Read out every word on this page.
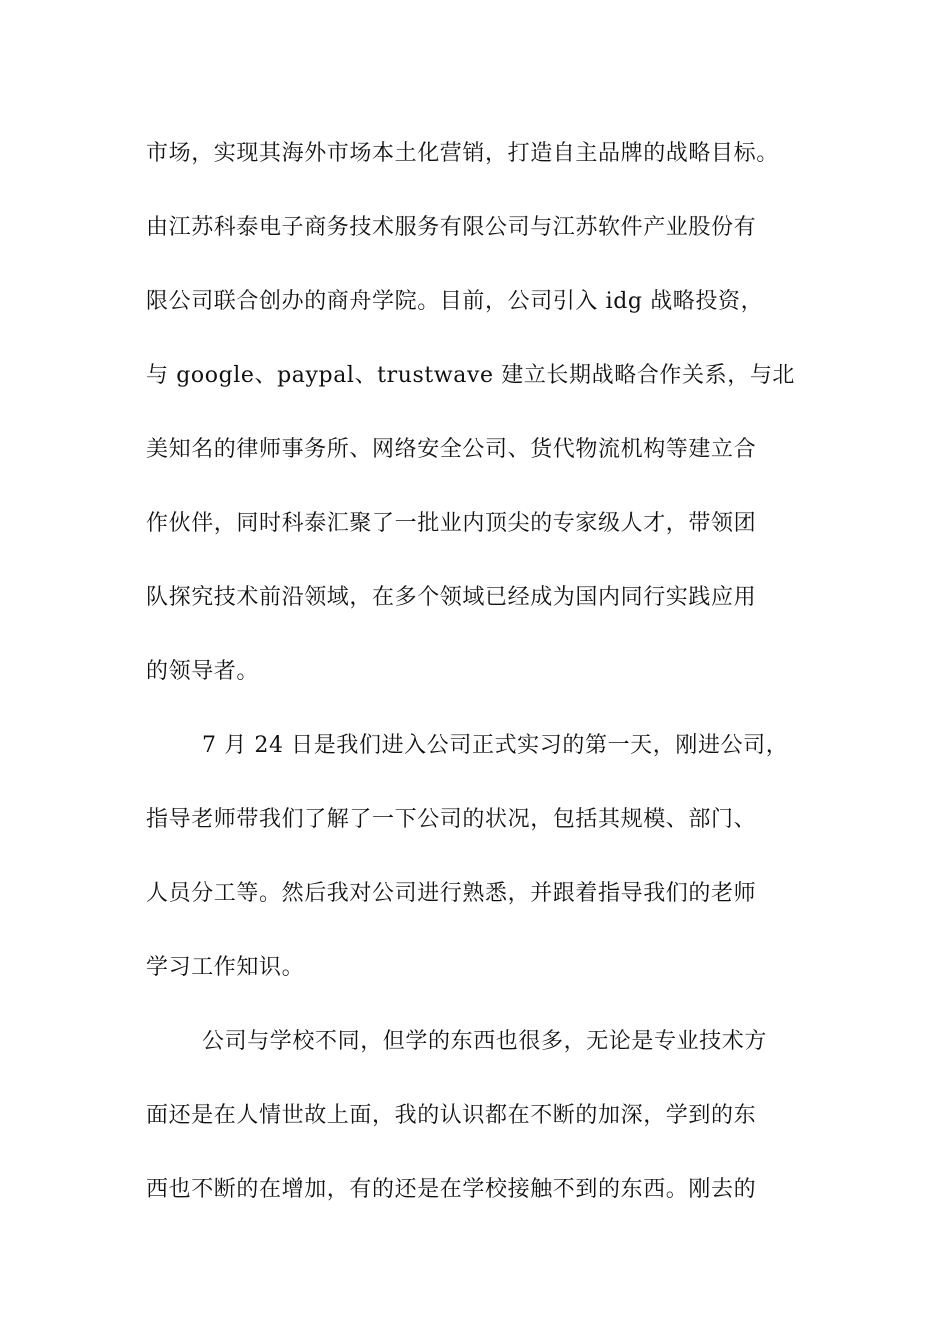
市场，实现其海外市场本土化营销，打造自主品牌的战略目标。
由江苏科泰电子商务技术服务有限公司与江苏软件产业股份有
限公司联合创办的商舟学院。目前，公司引入 idg 战略投资，
与 google、paypal、trustwave 建立长期战略合作关系，与北
美知名的律师事务所、网络安全公司、货代物流机构等建立合
作伙伴，同时科泰汇聚了一批业内顶尖的专家级人才，带领团
队探究技术前沿领域，在多个领域已经成为国内同行实践应用
的领导者。
7 月 24 日是我们进入公司正式实习的第一天，刚进公司，
指导老师带我们了解了一下公司的状况，包括其规模、部门、
人员分工等。然后我对公司进行熟悉，并跟着指导我们的老师
学习工作知识。
公司与学校不同，但学的东西也很多，无论是专业技术方
面还是在人情世故上面，我的认识都在不断的加深，学到的东
西也不断的在增加，有的还是在学校接触不到的东西。刚去的
